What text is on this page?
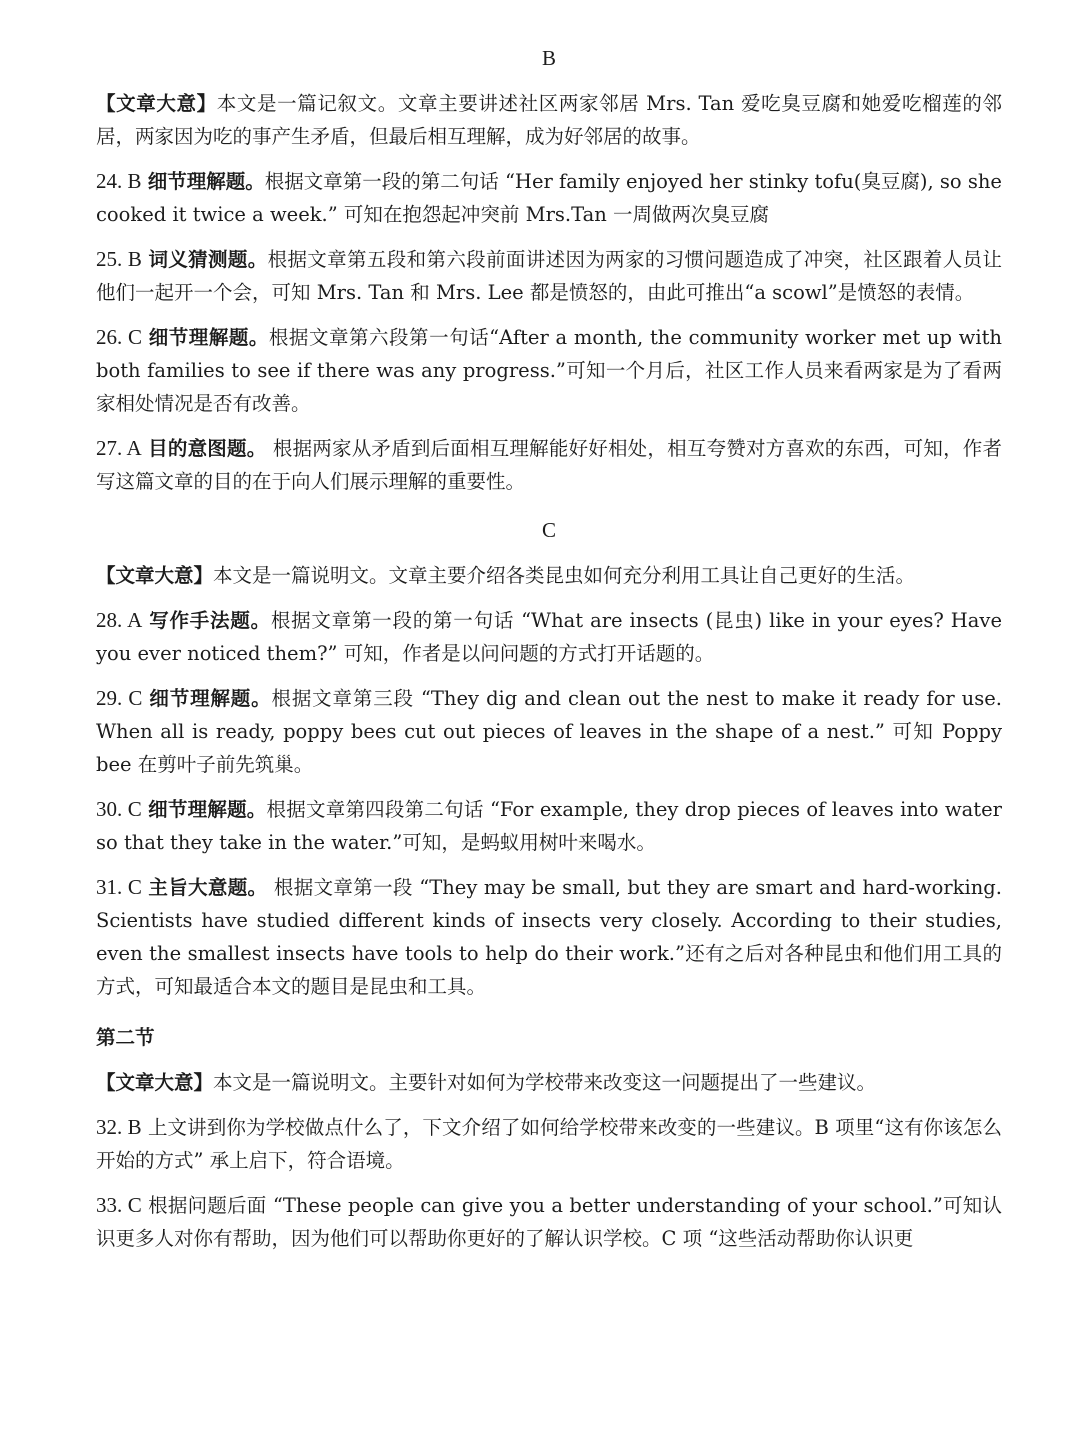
B

【文章大意】本文是一篇记叙文。文章主要讲述社区两家邻居 Mrs. Tan 爱吃臭豆腐和她爱吃榴莲的邻居，两家因为吃的事产生矛盾，但最后相互理解，成为好邻居的故事。

24. B 细节理解题。根据文章第一段的第二句话 “Her family enjoyed her stinky tofu(臭豆腐), so she cooked it twice a week.” 可知在抱怨起冲突前 Mrs.Tan 一周做两次臭豆腐

25. B 词义猜测题。根据文章第五段和第六段前面讲述因为两家的习惯问题造成了冲突，社区跟着人员让他们一起开一个会，可知 Mrs. Tan 和 Mrs. Lee 都是愤怒的，由此可推出“a scowl”是愤怒的表情。

26. C 细节理解题。根据文章第六段第一句话“After a month, the community worker met up with both families to see if there was any progress.”可知一个月后，社区工作人员来看两家是为了看两家相处情况是否有改善。

27. A 目的意图题。 根据两家从矛盾到后面相互理解能好好相处，相互夸赞对方喜欢的东西，可知，作者写这篇文章的目的在于向人们展示理解的重要性。

C

【文章大意】本文是一篇说明文。文章主要介绍各类昆虫如何充分利用工具让自己更好的生活。

28. A 写作手法题。根据文章第一段的第一句话 “What are insects (昆虫) like in your eyes? Have you ever noticed them?” 可知，作者是以问问题的方式打开话题的。

29. C 细节理解题。根据文章第三段 “They dig and clean out the nest to make it ready for use. When all is ready, poppy bees cut out pieces of leaves in the shape of a nest.” 可知 Poppy bee 在剪叶子前先筑巢。

30. C 细节理解题。根据文章第四段第二句话 “For example, they drop pieces of leaves into water so that they take in the water.”可知，是蚂蚁用树叶来喝水。

31. C 主旨大意题。 根据文章第一段 “They may be small, but they are smart and hard-working. Scientists have studied different kinds of insects very closely. According to their studies, even the smallest insects have tools to help do their work.”还有之后对各种昆虫和他们用工具的方式，可知最适合本文的题目是昆虫和工具。

第二节

【文章大意】本文是一篇说明文。主要针对如何为学校带来改变这一问题提出了一些建议。

32. B 上文讲到你为学校做点什么了，下文介绍了如何给学校带来改变的一些建议。B 项里“这有你该怎么开始的方式” 承上启下，符合语境。

33. C 根据问题后面 “These people can give you a better understanding of your school.”可知认识更多人对你有帮助，因为他们可以帮助你更好的了解认识学校。C 项 “这些活动帮助你认识更
